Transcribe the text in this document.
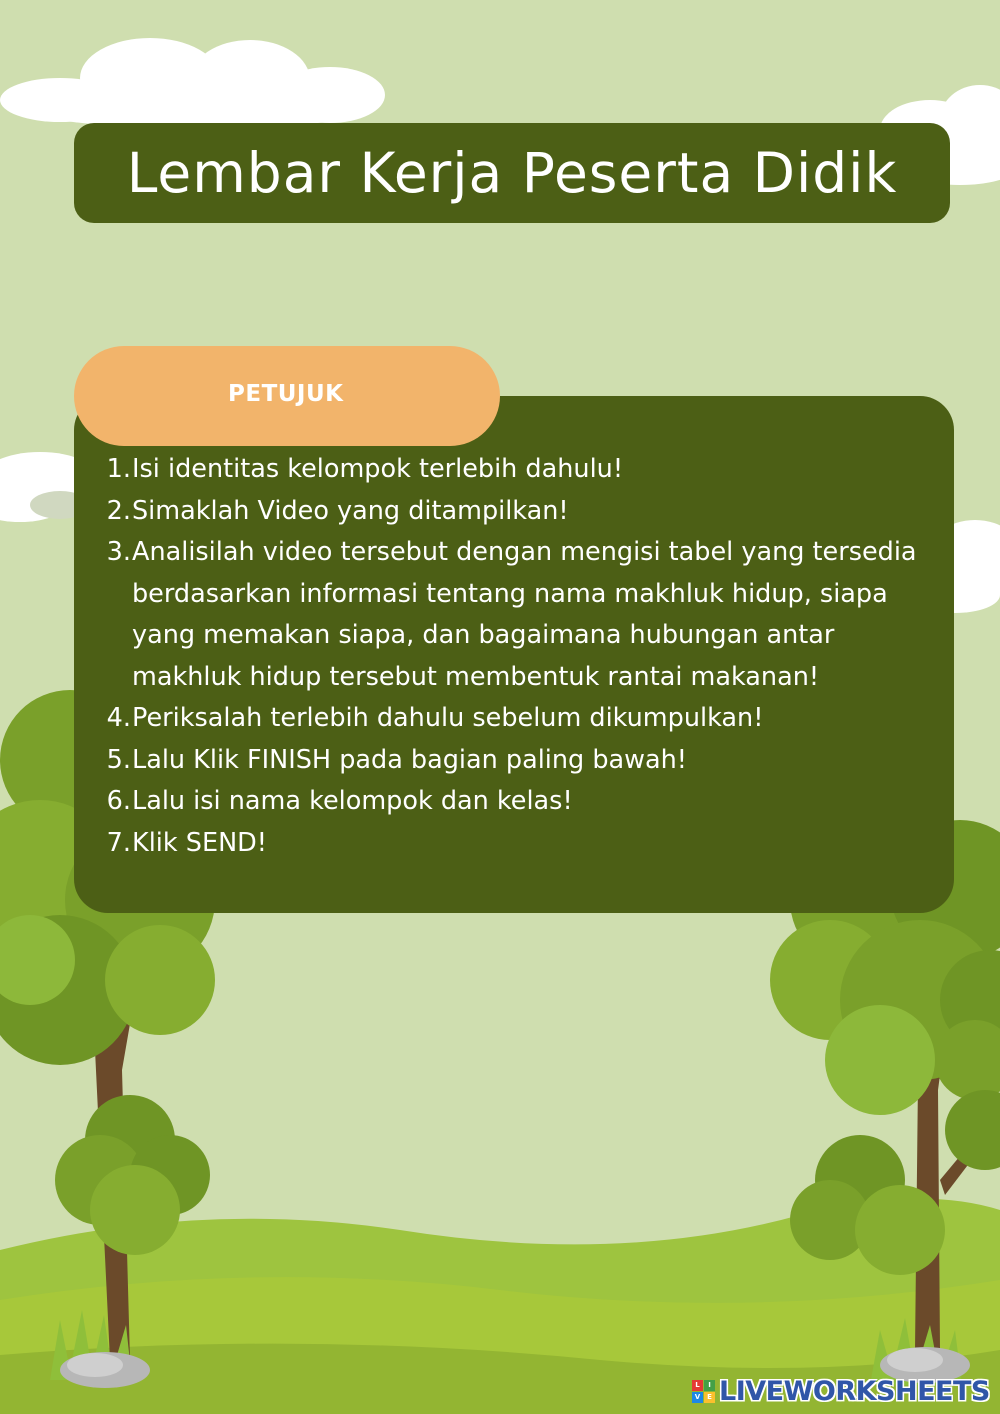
Lembar Kerja Peserta Didik
PETUJUK
1. Isi identitas kelompok terlebih dahulu!
2. Simaklah Video yang ditampilkan!
3. Analisilah video tersebut dengan mengisi tabel yang tersedia berdasarkan informasi tentang nama makhluk hidup, siapa yang memakan siapa, dan bagaimana hubungan antar makhluk hidup tersebut membentuk rantai makanan!
4. Periksalah terlebih dahulu sebelum dikumpulkan!
5. Lalu Klik FINISH pada bagian paling bawah!
6. Lalu isi nama kelompok dan kelas!
7. Klik SEND!
L	I
V E LIVEWORKSHEETS
